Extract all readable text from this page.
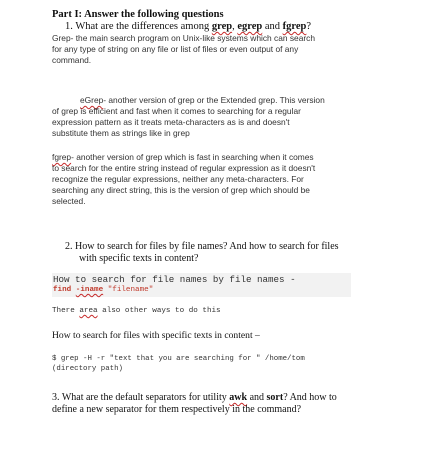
Part I: Answer the following questions
1. What are the differences among grep, egrep and fgrep?
Grep- the main search program on Unix-like systems which can search
for any type of string on any file or list of files or even output of any
command.
eGrep- another version of grep or the Extended grep. This version
of grep is efficient and fast when it comes to searching for a regular
expression pattern as it treats meta-characters as is and doesn't
substitute them as strings like in grep
fgrep- another version of grep which is fast in searching when it comes
to search for the entire string instead of regular expression as it doesn't
recognize the regular expressions, neither any meta-characters. For
searching any direct string, this is the version of grep which should be
selected.
2. How to search for files by file names? And how to search for files
with specific texts in content?
How to search for file names by file names -
find -iname "filename"
There area also other ways to do this
How to search for files with specific texts in content –
$ grep -H -r "text that you are searching for " /home/tom
(directory path)
3. What are the default separators for utility awk and sort? And how to
define a new separator for them respectively in the command?
